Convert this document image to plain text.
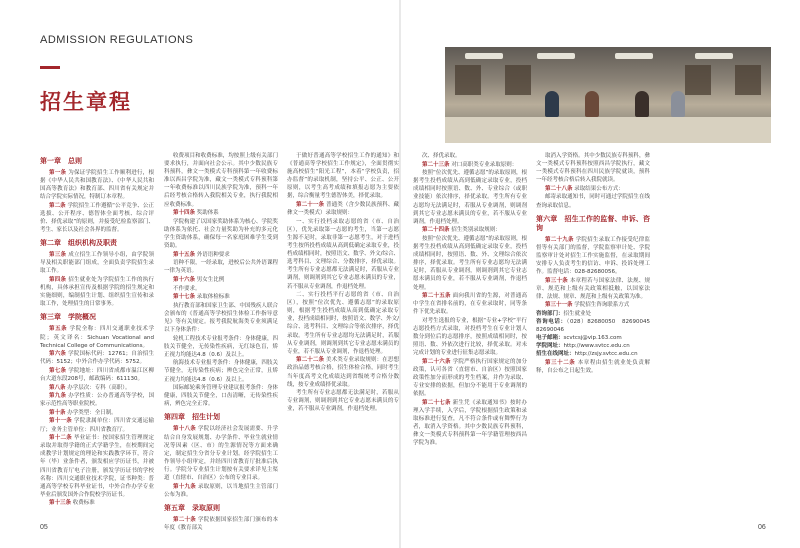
ADMISSION REGULATIONS
招生章程
05	06
第一章　总则

第一条 为保证学院招生工作顺利进行，根据《中华人民共和国教育法》、《中华人民共和国高等教育法》和教育部、四川省有关规定并结合学院实际情况，特制订本章程。

第二条 学院招生工作遵循“公平竞争、公正选拔、公开程序、德智体全面考核、综合评价、择优录取”的原则，并接受纪检监察部门、考生、家长以及社会各界的监督。

第二章　组织机构及职责

第三条 成立招生工作领导小组，由学院领导及相关职能部门组成，全面负责学院招生录取工作。

第四条 招生就业处为学院招生工作的执行机构，具体承担宣传及根据学院的招生规定和实施细则，编制招生计划、组织招生宣传和录取工作，处理招生的日常事务。

第三章　学院概况

第五条 学院全称：四川交通职业技术学院；英文译名：Sichuan Vocational and Technical College of Communications。

第六条 学院国标代码：12761；自治招生代码：5152；中外合作办学代码：5752。

第七条 学院地址：四川省成都市温江区柳台大道东段208号，邮政编码：611130。

第八条 办学层次：专科（高职）。

第九条 办学性质：公办普通高等学校，国家示范性高等职业院校。

第十条 办学类型：全日制。

第十一条 学院隶属单位：四川省交通运输厅；业务主管单位：四川省教育厅。

第十二条 毕业证书：按国家招生管理规定录取并取得学籍的正式学籍学生，在校期间完成教学计划规定的理论和实践教学环节，符合年（毕）业条件者，颁发相应学历证书，并被四川省教育厅电子注册，颁发学历证书的学校名称：四川交通职业技术学院，证书种类：普通高等学校专科毕业证书，中外合作办学专业毕业后颁发国外合作院校学历证书。

第十三条 收费标准

收费项目和收费标准，均按照上级有关部门要求执行，并面向社会公示。其中少数民族专科预科，彝文一类模式专科预科第一年收费标准以西昌学院为准，藏文一类模式专科预科第一年收费标准以四川民族学院为准，预科一年后经考核合格转入我院相关专业，执行我院相应收费标准。

第十四条 奖助体系

学院构建了以国家奖助体系为核心、学院奖助体系为依托、社会力量奖助为补充的多元化学生资助体系，确保每一名家庭困难学生受到资助。

第十五条 外语语种要求

语种不限，一经录取，进校后公共外语课程一律为英语。

第十六条 男女生比例

不作要求。

第十七条 录取体检标准

执行教育部和国家卫生部、中国残疾人联合会颁布的《普通高等学校招生体检工作指导意见》等有关规定。报考我院航海类专业须满足以下身体条件：

轮机工程技术专业报考条件：身体健康，四肢关节健全，无传染性疾病，无红绿色盲，矫正视力均能达4.8（0.6）及以上。

航海技术专业报考条件：身体健康，四肢关节健全，无传染性疾病；辨色完全正常，且矫正视力均能达4.8（0.6）及以上。

国际邮轮乘务管理专业建议报考条件：身体健康，四肢关节健全，口齿清晰，无传染性疾病，辨色完全正常。

第四章　招生计划

第十八条 学院以经济社会发展需要、升学结合自身发展规划、办学条件、毕业生就业情况等因素（区、市）的生源情况等方面来确定，制定招生分省分专业计划。经学院招生工作领导小组审定，并经四川省教育厅批准后执行。学院分专业招生计划按有关要求详见主渠道（直辖市、自治区）公布的专业目录。

第十九条 录取原则，以当地招生主管部门公布为准。

第五章　录取原则

第二十条 学院依据国家招生部门颁布的本年度《教育部关

于做好普通高等学校招生工作的通知》和《普通高等学校招生工作规定》，全面贯彻实施高校招生“阳光工程”，本着“学校负责，招办监督”的录取机制，坚持公平、公正、公开原则，以考生高考成绩和填报志愿为主要依据，综合衡量考生德智体美，择优录取。

第二十一条 普通类（含少数民族预科、藏彝文一类模式）录取规则：

一、实行投档录取志愿的省（市、自治区），优先录取第一志愿的考生，当第一志愿生源不足时，录取非第一志愿考生，对于进档考生按所投档成绩从高到低确定录取专业，投档成绩相同时，按照语文、数学、外文/综合、选考科目、文理综合、分数排序，择优录取。考生所有专业志愿都无法满足时，若服从专业调剂，则调剂到其它专业志愿未满员的专业，若不服从专业调剂，作退档处理。

二、实行投档平行志愿的省（市、自治区），按照“位次优先、遵循志愿”的录取原则，根据考生投档成绩从高到低确定录取专业，投档成绩相同时，按照语文、数学、外文/综合、选考科目、文理综合等依次排序，择优录取。考生所有专业志愿均无法满足时，若服从专业调剂，则调剂到其它专业志愿未满员的专业，若不服从专业调剂，作退档处理。

第二十二条 美术类专业录取规则：在思想政治品德考核合格，招生体检合格，同时考生当年度高考文化成绩达到省级统考合格分数线，按专业成绩择优录取。

考生所有专业志愿都无法满足时，若服从专业调剂，则调剂到其它专业志愿未满员的专业，若不服从专业调剂，作退档处理。

次、择优录取。

第二十三条 对口高职类专业录取原则：

按照“位次优先、遵循志愿”的录取原则，根据考生投档成绩从高到低确定录取专业，投档成绩相同时按照语、数、外、专业综合（或职业技能）依次排序，择优录取。考生所有专业志愿均无法满足时，若服从专业调剂，则调剂到其它专业志愿未满员的专业，若不服从专业调剂，作退档处理。

第二十四条 招生类别录取规则：

按照“位次优先、遵循志愿”的录取原则，根据考生投档成绩从高到低确定录取专业，投档成绩相同时，按照语、数、外、文理综合依次排序，择优录取。考生所有专业志愿均无法满足时，若服从专业调剂，则调剂到其它专业志愿未满员的专业，若不服从专业调剂，作退档处理。

第二十五条 面向我川省的生源，对普通高中学生在省排名前的，在专业录取时，同等条件下优先录取。

对考生选报的专业，根据“专业+学校”平行志愿投档方式录取，对投档考生在专业计划人数分到位后的志愿排序，按照成绩相同时，按照语、数、外依次进行比较，择优录取。对未完成计划的专业进行征集志愿录取。

第二十六条 学院严格执行国家规定的加分政策，认可各省（直辖市、自治区）按照国家政策性加分而形成的考生档案，并作为录取、专业安排的依据，但加分不能用于专业调剂的依据。

第二十七条 新生凭《录取通知书》按时办理入学手续，入学后，学院根据招生政策和录取标准进行复查，凡不符合条件或有舞弊行为者，取消入学资格。其中少数民族专科预科，彝文一类模式专科预科第一年学籍管理按西昌学院为准。

取消入学资格。其中少数民族专科预科，彝文一类模式专科预科按照西昌学院执行，藏文一类模式专科预科在四川民族学院就读，预科一年经考核合格后转入我院就读。

第二十八条 录取结果公布方式：

邮寄录取通知书，同时可通过学院招生在线查询录取信息。

第六章　招生工作的监督、申诉、咨询

第二十九条 学院招生录取工作接受纪律监督等有关部门的监督，学院监察审计处、学院监察审计处对招生工作实施监督，在录取期间安排专人负责考生的信访、申诉、投诉处理工作。监督电话：028-82680056。

第三十条 本章程若与国家法律、法规、规章、规范和上级有关政策相抵触，以国家法律、法规、规章、规范和上级有关政策为准。

第三十一条 学院招生咨询联系方式

咨询部门：招生就业处

咨询电话：（028）82680050　82690045　82690046

电子邮箱：scvtcsj@vip.163.com

学院网址：http://www.svtcc.edu.cn

招生在线网址：http://zsjy.svtcc.edu.cn

第三十二条 本章程由招生就业处负责解释，自公布之日起生效。
